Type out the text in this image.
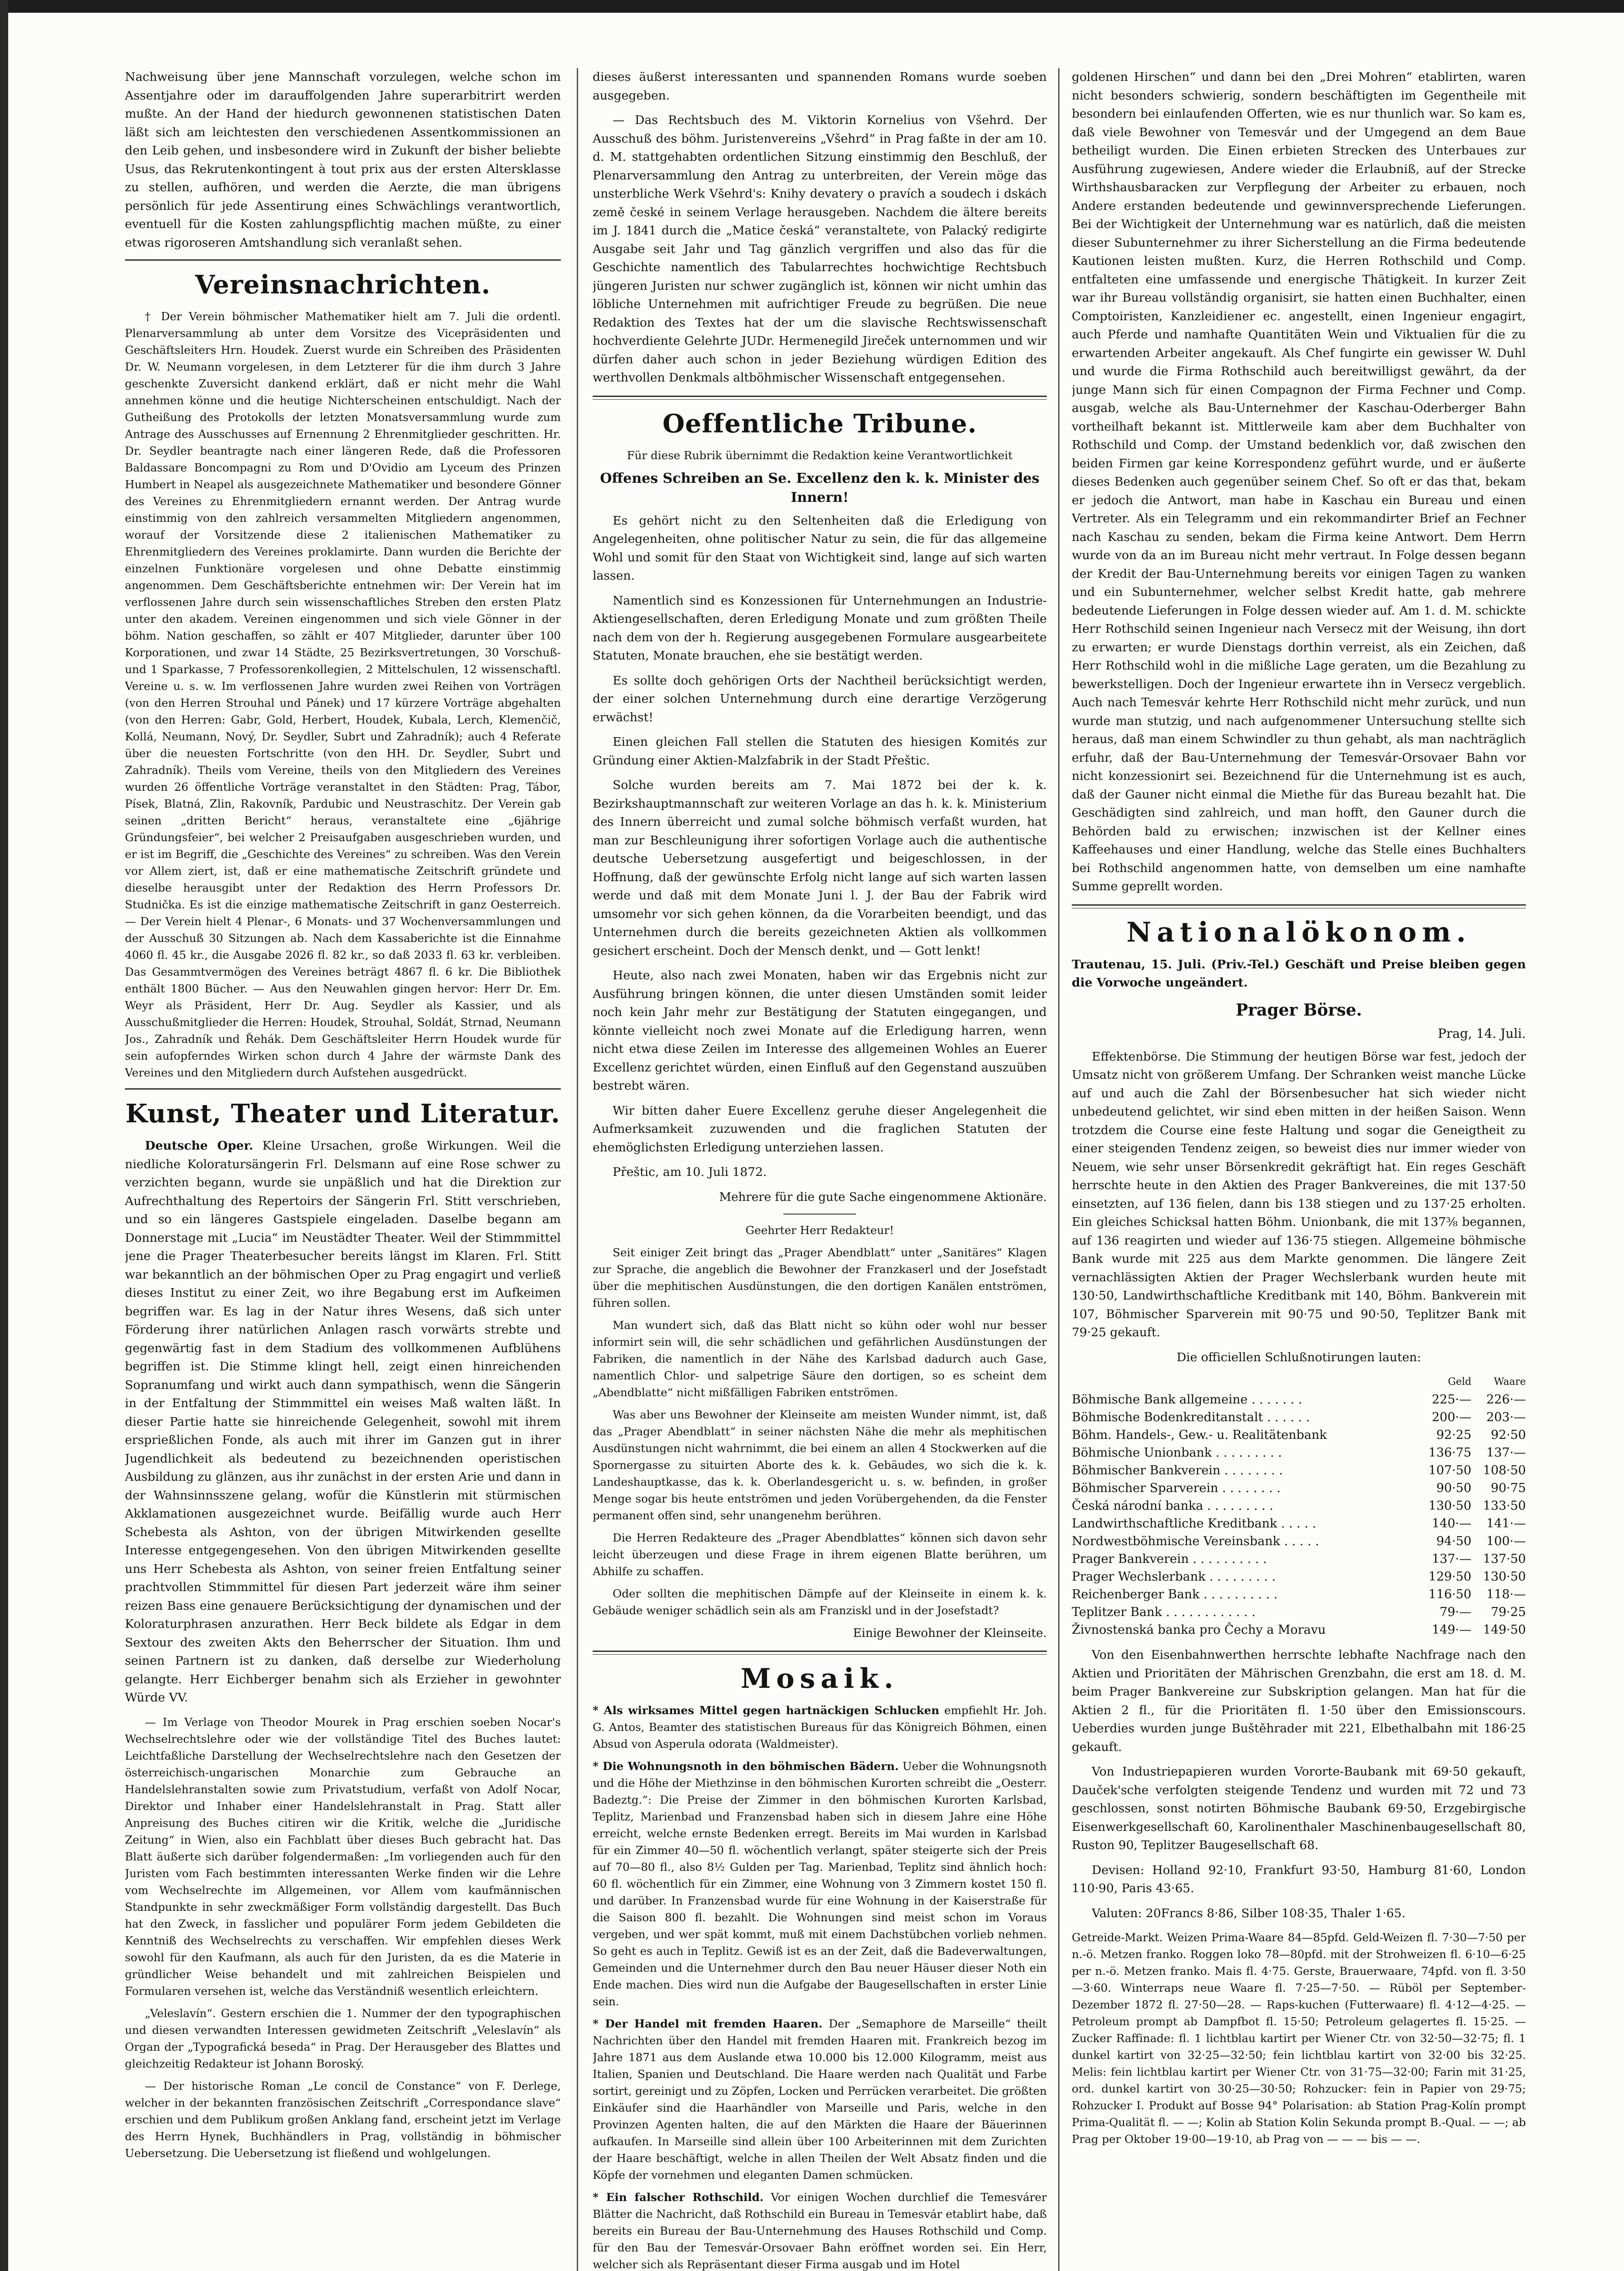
Nachweisung über jene Mannschaft vorzulegen, welche schon im Assentjahre oder im darauffolgenden Jahre superarbitrirt werden mußte. An der Hand der hiedurch gewonnenen statistischen Daten läßt sich am leichtesten den verschiedenen Assentkommissionen an den Leib gehen, und insbesondere wird in Zukunft der bisher beliebte Usus, das Rekrutenkontingent à tout prix aus der ersten Altersklasse zu stellen, aufhören, und werden die Aerzte, die man übrigens persönlich für jede Assentirung eines Schwächlings verantwortlich, eventuell für die Kosten zahlungspflichtig machen müßte, zu einer etwas rigoroseren Amtshandlung sich veranlaßt sehen.

Vereinsnachrichten.

† Der Verein böhmischer Mathematiker hielt am 7. Juli die ordentl. Plenarversammlung ab unter dem Vorsitze des Vicepräsidenten und Geschäftsleiters Hrn. Houdek. Zuerst wurde ein Schreiben des Präsidenten Dr. W. Neumann vorgelesen, in dem Letzterer für die ihm durch 3 Jahre geschenkte Zuversicht dankend erklärt, daß er nicht mehr die Wahl annehmen könne und die heutige Nichterscheinen entschuldigt. Nach der Gutheißung des Protokolls der letzten Monatsversammlung wurde zum Antrage des Ausschusses auf Ernennung 2 Ehrenmitglieder geschritten. Hr. Dr. Seydler beantragte nach einer längeren Rede, daß die Professoren Baldassare Boncompagni zu Rom und D'Ovidio am Lyceum des Prinzen Humbert in Neapel als ausgezeichnete Mathematiker und besondere Gönner des Vereines zu Ehrenmitgliedern ernannt werden. Der Antrag wurde einstimmig von den zahlreich versammelten Mitgliedern angenommen, worauf der Vorsitzende diese 2 italienischen Mathematiker zu Ehrenmitgliedern des Vereines proklamirte. Dann wurden die Berichte der einzelnen Funktionäre vorgelesen und ohne Debatte einstimmig angenommen. Dem Geschäftsberichte entnehmen wir: Der Verein hat im verflossenen Jahre durch sein wissenschaftliches Streben den ersten Platz unter den akadem. Vereinen eingenommen und sich viele Gönner in der böhm. Nation geschaffen, so zählt er 407 Mitglieder, darunter über 100 Korporationen, und zwar 14 Städte, 25 Bezirksvertretungen, 30 Vorschuß- und 1 Sparkasse, 7 Professorenkollegien, 2 Mittelschulen, 12 wissenschaftl. Vereine u. s. w. Im verflossenen Jahre wurden zwei Reihen von Vorträgen (von den Herren Strouhal und Pánek) und 17 kürzere Vorträge abgehalten (von den Herren: Gabr, Gold, Herbert, Houdek, Kubala, Lerch, Klemenčič, Kollá, Neumann, Nový, Dr. Seydler, Subrt und Zahradník); auch 4 Referate über die neuesten Fortschritte (von den HH. Dr. Seydler, Subrt und Zahradník). Theils vom Vereine, theils von den Mitgliedern des Vereines wurden 26 öffentliche Vorträge veranstaltet in den Städten: Prag, Tábor, Písek, Blatná, Zlin, Rakovník, Pardubic und Neustraschitz. Der Verein gab seinen „dritten Bericht“ heraus, veranstaltete eine „6jährige Gründungsfeier“, bei welcher 2 Preisaufgaben ausgeschrieben wurden, und er ist im Begriff, die „Geschichte des Vereines“ zu schreiben. Was den Verein vor Allem ziert, ist, daß er eine mathematische Zeitschrift gründete und dieselbe herausgibt unter der Redaktion des Herrn Professors Dr. Studnička. Es ist die einzige mathematische Zeitschrift in ganz Oesterreich. — Der Verein hielt 4 Plenar-, 6 Monats- und 37 Wochenversammlungen und der Ausschuß 30 Sitzungen ab. Nach dem Kassaberichte ist die Einnahme 4060 fl. 45 kr., die Ausgabe 2026 fl. 82 kr., so daß 2033 fl. 63 kr. verbleiben. Das Gesammtvermögen des Vereines beträgt 4867 fl. 6 kr. Die Bibliothek enthält 1800 Bücher. — Aus den Neuwahlen gingen hervor: Herr Dr. Em. Weyr als Präsident, Herr Dr. Aug. Seydler als Kassier, und als Ausschußmitglieder die Herren: Houdek, Strouhal, Soldát, Strnad, Neumann Jos., Zahradník und Řehák. Dem Geschäftsleiter Herrn Houdek wurde für sein aufopferndes Wirken schon durch 4 Jahre der wärmste Dank des Vereines und den Mitgliedern durch Aufstehen ausgedrückt.

Kunst, Theater und Literatur.

Deutsche Oper. Kleine Ursachen, große Wirkungen. Weil die niedliche Koloratursängerin Frl. Delsmann auf eine Rose schwer zu verzichten begann, wurde sie unpäßlich und hat die Direktion zur Aufrechthaltung des Repertoirs der Sängerin Frl. Stitt verschrieben, und so ein längeres Gastspiele eingeladen. Daselbe begann am Donnerstage mit „Lucia“ im Neustädter Theater. Weil der Stimmmittel jene die Prager Theaterbesucher bereits längst im Klaren. Frl. Stitt war bekanntlich an der böhmischen Oper zu Prag engagirt und verließ dieses Institut zu einer Zeit, wo ihre Begabung erst im Aufkeimen begriffen war. Es lag in der Natur ihres Wesens, daß sich unter Förderung ihrer natürlichen Anlagen rasch vorwärts strebte und gegenwärtig fast in dem Stadium des vollkommenen Aufblühens begriffen ist. Die Stimme klingt hell, zeigt einen hinreichenden Sopranumfang und wirkt auch dann sympathisch, wenn die Sängerin in der Entfaltung der Stimmmittel ein weises Maß walten läßt. In dieser Partie hatte sie hinreichende Gelegenheit, sowohl mit ihrem ersprießlichen Fonde, als auch mit ihrer im Ganzen gut in ihrer Jugendlichkeit als bedeutend zu bezeichnenden operistischen Ausbildung zu glänzen, aus ihr zunächst in der ersten Arie und dann in der Wahnsinnsszene gelang, wofür die Künstlerin mit stürmischen Akklamationen ausgezeichnet wurde. Beifällig wurde auch Herr Schebesta als Ashton, von der übrigen Mitwirkenden gesellte Interesse entgegengesehen. Von den übrigen Mitwirkenden gesellte uns Herr Schebesta als Ashton, von seiner freien Entfaltung seiner prachtvollen Stimmmittel für diesen Part jederzeit wäre ihm seiner reizen Bass eine genauere Berücksichtigung der dynamischen und der Koloraturphrasen anzurathen. Herr Beck bildete als Edgar in dem Sextour des zweiten Akts den Beherrscher der Situation. Ihm und seinen Partnern ist zu danken, daß derselbe zur Wiederholung gelangte. Herr Eichberger benahm sich als Erzieher in gewohnter Würde VV.

— Im Verlage von Theodor Mourek in Prag erschien soeben Nocar's Wechselrechtslehre oder wie der vollständige Titel des Buches lautet: Leichtfaßliche Darstellung der Wechselrechtslehre nach den Gesetzen der österreichisch-ungarischen Monarchie zum Gebrauche an Handelslehranstalten sowie zum Privatstudium, verfaßt von Adolf Nocar, Direktor und Inhaber einer Handelslehranstalt in Prag. Statt aller Anpreisung des Buches citiren wir die Kritik, welche die „Juridische Zeitung“ in Wien, also ein Fachblatt über dieses Buch gebracht hat. Das Blatt äußerte sich darüber folgendermaßen: „Im vorliegenden auch für den Juristen vom Fach bestimmten interessanten Werke finden wir die Lehre vom Wechselrechte im Allgemeinen, vor Allem vom kaufmännischen Standpunkte in sehr zweckmäßiger Form vollständig dargestellt. Das Buch hat den Zweck, in fasslicher und populärer Form jedem Gebildeten die Kenntniß des Wechselrechts zu verschaffen. Wir empfehlen dieses Werk sowohl für den Kaufmann, als auch für den Juristen, da es die Materie in gründlicher Weise behandelt und mit zahlreichen Beispielen und Formularen versehen ist, welche das Verständniß wesentlich erleichtern.

„Veleslavín“. Gestern erschien die 1. Nummer der den typographischen und diesen verwandten Interessen gewidmeten Zeitschrift „Veleslavín“ als Organ der „Typografická beseda“ in Prag. Der Herausgeber des Blattes und gleichzeitig Redakteur ist Johann Boroský.

— Der historische Roman „Le concil de Constance“ von F. Derlege, welcher in der bekannten französischen Zeitschrift „Correspondance slave“ erschien und dem Publikum großen Anklang fand, erscheint jetzt im Verlage des Herrn Hynek, Buchhändlers in Prag, vollständig in böhmischer Uebersetzung. Die Uebersetzung ist fließend und wohlgelungen.

dieses äußerst interessanten und spannenden Romans wurde soeben ausgegeben.

— Das Rechtsbuch des M. Viktorin Kornelius von Všehrd. Der Ausschuß des böhm. Juristenvereins „Všehrd“ in Prag faßte in der am 10. d. M. stattgehabten ordentlichen Sitzung einstimmig den Beschluß, der Plenarversammlung den Antrag zu unterbreiten, der Verein möge das unsterbliche Werk Všehrd's: Knihy devatery o pravích a soudech i dskách země české in seinem Verlage herausgeben. Nachdem die ältere bereits im J. 1841 durch die „Matice česká“ veranstaltete, von Palacký redigirte Ausgabe seit Jahr und Tag gänzlich vergriffen und also das für die Geschichte namentlich des Tabularrechtes hochwichtige Rechtsbuch jüngeren Juristen nur schwer zugänglich ist, können wir nicht umhin das löbliche Unternehmen mit aufrichtiger Freude zu begrüßen. Die neue Redaktion des Textes hat der um die slavische Rechtswissenschaft hochverdiente Gelehrte JUDr. Hermenegild Jireček unternommen und wir dürfen daher auch schon in jeder Beziehung würdigen Edition des werthvollen Denkmals altböhmischer Wissenschaft entgegensehen.

Oeffentliche Tribune.

Für diese Rubrik übernimmt die Redaktion keine Verantwortlichkeit

Offenes Schreiben an Se. Excellenz den k. k. Minister des Innern!

Es gehört nicht zu den Seltenheiten daß die Erledigung von Angelegenheiten, ohne politischer Natur zu sein, die für das allgemeine Wohl und somit für den Staat von Wichtigkeit sind, lange auf sich warten lassen.

Namentlich sind es Konzessionen für Unternehmungen an Industrie-Aktiengesellschaften, deren Erledigung Monate und zum größten Theile nach dem von der h. Regierung ausgegebenen Formulare ausgearbeitete Statuten, Monate brauchen, ehe sie bestätigt werden.

Es sollte doch gehörigen Orts der Nachtheil berücksichtigt werden, der einer solchen Unternehmung durch eine derartige Verzögerung erwächst!

Einen gleichen Fall stellen die Statuten des hiesigen Komités zur Gründung einer Aktien-Malzfabrik in der Stadt Přeštic.

Solche wurden bereits am 7. Mai 1872 bei der k. k. Bezirkshauptmannschaft zur weiteren Vorlage an das h. k. k. Ministerium des Innern überreicht und zumal solche böhmisch verfaßt wurden, hat man zur Beschleunigung ihrer sofortigen Vorlage auch die authentische deutsche Uebersetzung ausgefertigt und beigeschlossen, in der Hoffnung, daß der gewünschte Erfolg nicht lange auf sich warten lassen werde und daß mit dem Monate Juni l. J. der Bau der Fabrik wird umsomehr vor sich gehen können, da die Vorarbeiten beendigt, und das Unternehmen durch die bereits gezeichneten Aktien als vollkommen gesichert erscheint. Doch der Mensch denkt, und — Gott lenkt!

Heute, also nach zwei Monaten, haben wir das Ergebnis nicht zur Ausführung bringen können, die unter diesen Umständen somit leider noch kein Jahr mehr zur Bestätigung der Statuten eingegangen, und könnte vielleicht noch zwei Monate auf die Erledigung harren, wenn nicht etwa diese Zeilen im Interesse des allgemeinen Wohles an Euerer Excellenz gerichtet würden, einen Einfluß auf den Gegenstand auszuüben bestrebt wären.

Wir bitten daher Euere Excellenz geruhe dieser Angelegenheit die Aufmerksamkeit zuzuwenden und die fraglichen Statuten der ehemöglichsten Erledigung unterziehen lassen.

Přeštic, am 10. Juli 1872.

Mehrere für die gute Sache eingenommene Aktionäre.

Geehrter Herr Redakteur!

Seit einiger Zeit bringt das „Prager Abendblatt“ unter „Sanitäres“ Klagen zur Sprache, die angeblich die Bewohner der Franzkaserl und der Josefstadt über die mephitischen Ausdünstungen, die den dortigen Kanälen entströmen, führen sollen.

Man wundert sich, daß das Blatt nicht so kühn oder wohl nur besser informirt sein will, die sehr schädlichen und gefährlichen Ausdünstungen der Fabriken, die namentlich in der Nähe des Karlsbad dadurch auch Gase, namentlich Chlor- und salpetrige Säure den dortigen, so es scheint dem „Abendblatte“ nicht mißfälligen Fabriken entströmen.

Was aber uns Bewohner der Kleinseite am meisten Wunder nimmt, ist, daß das „Prager Abendblatt“ in seiner nächsten Nähe die mehr als mephitischen Ausdünstungen nicht wahrnimmt, die bei einem an allen 4 Stockwerken auf die Spornergasse zu situirten Aborte des k. k. Gebäudes, wo sich die k. k. Landeshauptkasse, das k. k. Oberlandesgericht u. s. w. befinden, in großer Menge sogar bis heute entströmen und jeden Vorübergehenden, da die Fenster permanent offen sind, sehr unangenehm berühren.

Die Herren Redakteure des „Prager Abendblattes“ können sich davon sehr leicht überzeugen und diese Frage in ihrem eigenen Blatte berühren, um Abhilfe zu schaffen.

Oder sollten die mephitischen Dämpfe auf der Kleinseite in einem k. k. Gebäude weniger schädlich sein als am Franziskl und in der Josefstadt?

Einige Bewohner der Kleinseite.

Mosaik.

* Als wirksames Mittel gegen hartnäckigen Schlucken empfiehlt Hr. Joh. G. Antos, Beamter des statistischen Bureaus für das Königreich Böhmen, einen Absud von Asperula odorata (Waldmeister).

* Die Wohnungsnoth in den böhmischen Bädern. Ueber die Wohnungsnoth und die Höhe der Miethzinse in den böhmischen Kurorten schreibt die „Oesterr. Badeztg.“: Die Preise der Zimmer in den böhmischen Kurorten Karlsbad, Teplitz, Marienbad und Franzensbad haben sich in diesem Jahre eine Höhe erreicht, welche ernste Bedenken erregt. Bereits im Mai wurden in Karlsbad für ein Zimmer 40—50 fl. wöchentlich verlangt, später steigerte sich der Preis auf 70—80 fl., also 8½ Gulden per Tag. Marienbad, Teplitz sind ähnlich hoch: 60 fl. wöchentlich für ein Zimmer, eine Wohnung von 3 Zimmern kostet 150 fl. und darüber. In Franzensbad wurde für eine Wohnung in der Kaiserstraße für die Saison 800 fl. bezahlt. Die Wohnungen sind meist schon im Voraus vergeben, und wer spät kommt, muß mit einem Dachstübchen vorlieb nehmen. So geht es auch in Teplitz. Gewiß ist es an der Zeit, daß die Badeverwaltungen, Gemeinden und die Unternehmer durch den Bau neuer Häuser dieser Noth ein Ende machen. Dies wird nun die Aufgabe der Baugesellschaften in erster Linie sein.

* Der Handel mit fremden Haaren. Der „Semaphore de Marseille“ theilt Nachrichten über den Handel mit fremden Haaren mit. Frankreich bezog im Jahre 1871 aus dem Auslande etwa 10.000 bis 12.000 Kilogramm, meist aus Italien, Spanien und Deutschland. Die Haare werden nach Qualität und Farbe sortirt, gereinigt und zu Zöpfen, Locken und Perrücken verarbeitet. Die größten Einkäufer sind die Haarhändler von Marseille und Paris, welche in den Provinzen Agenten halten, die auf den Märkten die Haare der Bäuerinnen aufkaufen. In Marseille sind allein über 100 Arbeiterinnen mit dem Zurichten der Haare beschäftigt, welche in allen Theilen der Welt Absatz finden und die Köpfe der vornehmen und eleganten Damen schmücken.

* Ein falscher Rothschild. Vor einigen Wochen durchlief die Temesvárer Blätter die Nachricht, daß Rothschild ein Bureau in Temesvár etablirt habe, daß bereits ein Bureau der Bau-Unternehmung des Hauses Rothschild und Comp. für den Bau der Temesvár-Orsovaer Bahn eröffnet worden sei. Ein Herr, welcher sich als Repräsentant dieser Firma ausgab und im Hotel

goldenen Hirschen“ und dann bei den „Drei Mohren“ etablirten, waren nicht besonders schwierig, sondern beschäftigten im Gegentheile mit besondern bei einlaufenden Offerten, wie es nur thunlich war. So kam es, daß viele Bewohner von Temesvár und der Umgegend an dem Baue betheiligt wurden. Die Einen erbieten Strecken des Unterbaues zur Ausführung zugewiesen, Andere wieder die Erlaubniß, auf der Strecke Wirthshausbaracken zur Verpflegung der Arbeiter zu erbauen, noch Andere erstanden bedeutende und gewinnversprechende Lieferungen. Bei der Wichtigkeit der Unternehmung war es natürlich, daß die meisten dieser Subunternehmer zu ihrer Sicherstellung an die Firma bedeutende Kautionen leisten mußten. Kurz, die Herren Rothschild und Comp. entfalteten eine umfassende und energische Thätigkeit. In kurzer Zeit war ihr Bureau vollständig organisirt, sie hatten einen Buchhalter, einen Comptoiristen, Kanzleidiener ec. angestellt, einen Ingenieur engagirt, auch Pferde und namhafte Quantitäten Wein und Viktualien für die zu erwartenden Arbeiter angekauft. Als Chef fungirte ein gewisser W. Duhl und wurde die Firma Rothschild auch bereitwilligst gewährt, da der junge Mann sich für einen Compagnon der Firma Fechner und Comp. ausgab, welche als Bau-Unternehmer der Kaschau-Oderberger Bahn vortheilhaft bekannt ist. Mittlerweile kam aber dem Buchhalter von Rothschild und Comp. der Umstand bedenklich vor, daß zwischen den beiden Firmen gar keine Korrespondenz geführt wurde, und er äußerte dieses Bedenken auch gegenüber seinem Chef. So oft er das that, bekam er jedoch die Antwort, man habe in Kaschau ein Bureau und einen Vertreter. Als ein Telegramm und ein rekommandirter Brief an Fechner nach Kaschau zu senden, bekam die Firma keine Antwort. Dem Herrn wurde von da an im Bureau nicht mehr vertraut. In Folge dessen begann der Kredit der Bau-Unternehmung bereits vor einigen Tagen zu wanken und ein Subunternehmer, welcher selbst Kredit hatte, gab mehrere bedeutende Lieferungen in Folge dessen wieder auf. Am 1. d. M. schickte Herr Rothschild seinen Ingenieur nach Versecz mit der Weisung, ihn dort zu erwarten; er wurde Dienstags dorthin verreist, als ein Zeichen, daß Herr Rothschild wohl in die mißliche Lage geraten, um die Bezahlung zu bewerkstelligen. Doch der Ingenieur erwartete ihn in Versecz vergeblich. Auch nach Temesvár kehrte Herr Rothschild nicht mehr zurück, und nun wurde man stutzig, und nach aufgenommener Untersuchung stellte sich heraus, daß man einem Schwindler zu thun gehabt, als man nachträglich erfuhr, daß der Bau-Unternehmung der Temesvár-Orsovaer Bahn vor nicht konzessionirt sei. Bezeichnend für die Unternehmung ist es auch, daß der Gauner nicht einmal die Miethe für das Bureau bezahlt hat. Die Geschädigten sind zahlreich, und man hofft, den Gauner durch die Behörden bald zu erwischen; inzwischen ist der Kellner eines Kaffeehauses und einer Handlung, welche das Stelle eines Buchhalters bei Rothschild angenommen hatte, von demselben um eine namhafte Summe geprellt worden.

Nationalökonom.

Trautenau, 15. Juli. (Priv.-Tel.) Geschäft und Preise bleiben gegen die Vorwoche ungeändert.

Prager Börse.
Prag, 14. Juli.

Effektenbörse. Die Stimmung der heutigen Börse war fest, jedoch der Umsatz nicht von größerem Umfang. Der Schranken weist manche Lücke auf und auch die Zahl der Börsenbesucher hat sich wieder nicht unbedeutend gelichtet, wir sind eben mitten in der heißen Saison. Wenn trotzdem die Course eine feste Haltung und sogar die Geneigtheit zu einer steigenden Tendenz zeigen, so beweist dies nur immer wieder von Neuem, wie sehr unser Börsenkredit gekräftigt hat. Ein reges Geschäft herrschte heute in den Aktien des Prager Bankvereines, die mit 137·50 einsetzten, auf 136 fielen, dann bis 138 stiegen und zu 137·25 erholten. Ein gleiches Schicksal hatten Böhm. Unionbank, die mit 137⅜ begannen, auf 136 reagirten und wieder auf 136·75 stiegen. Allgemeine böhmische Bank wurde mit 225 aus dem Markte genommen. Die längere Zeit vernachlässigten Aktien der Prager Wechslerbank wurden heute mit 130·50, Landwirthschaftliche Kreditbank mit 140, Böhm. Bankverein mit 107, Böhmischer Sparverein mit 90·75 und 90·50, Teplitzer Bank mit 79·25 gekauft.

Die officiellen Schlußnotirungen lauten:

	Geld	Waare
Böhmische Bank allgemeine . . . . . . .	225·—	226·—
Böhmische Bodenkreditanstalt . . . . . .	200·—	203·—
Böhm. Handels-, Gew.- u. Realitätenbank	92·25	92·50
Böhmische Unionbank . . . . . . . . .	136·75	137·—
Böhmischer Bankverein . . . . . . . .	107·50	108·50
Böhmischer Sparverein . . . . . . . .	90·50	90·75
Česká národní banka . . . . . . . . .	130·50	133·50
Landwirthschaftliche Kreditbank . . . . .	140·—	141·—
Nordwestböhmische Vereinsbank . . . . .	94·50	100·—
Prager Bankverein . . . . . . . . . .	137·—	137·50
Prager Wechslerbank . . . . . . . . .	129·50	130·50
Reichenberger Bank . . . . . . . . . .	116·50	118·—
Teplitzer Bank . . . . . . . . . . . .	79·—	79·25
Živnostenská banka pro Čechy a Moravu	149·—	149·50

Von den Eisenbahnwerthen herrschte lebhafte Nachfrage nach den Aktien und Prioritäten der Mährischen Grenzbahn, die erst am 18. d. M. beim Prager Bankvereine zur Subskription gelangen. Man hat für die Aktien 2 fl., für die Prioritäten fl. 1·50 über den Emissionscours. Ueberdies wurden junge Buštěhrader mit 221, Elbethalbahn mit 186·25 gekauft.

Von Industriepapieren wurden Vororte-Baubank mit 69·50 gekauft, Dauček'sche verfolgten steigende Tendenz und wurden mit 72 und 73 geschlossen, sonst notirten Böhmische Baubank 69·50, Erzgebirgische Eisenwerkgesellschaft 60, Karolinenthaler Maschinenbaugesellschaft 80, Ruston 90, Teplitzer Baugesellschaft 68.

Devisen: Holland 92·10, Frankfurt 93·50, Hamburg 81·60, London 110·90, Paris 43·65.

Valuten: 20Francs 8·86, Silber 108·35, Thaler 1·65.

Getreide-Markt. Weizen Prima-Waare 84—85pfd. Geld-Weizen fl. 7·30—7·50 per n.-ö. Metzen franko. Roggen loko 78—80pfd. mit der Strohweizen fl. 6·10—6·25 per n.-ö. Metzen franko. Mais fl. 4·75. Gerste, Brauerwaare, 74pfd. von fl. 3·50—3·60. Winterraps neue Waare fl. 7·25—7·50. — Rüböl per September-Dezember 1872 fl. 27·50—28. — Raps-kuchen (Futterwaare) fl. 4·12—4·25. — Petroleum prompt ab Dampfbot fl. 15·50; Petroleum gelagertes fl. 15·25. — Zucker Raffinade: fl. 1 lichtblau kartirt per Wiener Ctr. von 32·50—32·75; fl. 1 dunkel kartirt von 32·25—32·50; fein lichtblau kartirt von 32·00 bis 32·25. Melis: fein lichtblau kartirt per Wiener Ctr. von 31·75—32·00; Farin mit 31·25, ord. dunkel kartirt von 30·25—30·50; Rohzucker: fein in Papier von 29·75; Rohzucker I. Produkt auf Bosse 94° Polarisation: ab Station Prag-Kolín prompt Prima-Qualität fl. — —; Kolin ab Station Kolin Sekunda prompt B.-Qual. — —; ab Prag per Oktober 19·00—19·10, ab Prag von — — — bis — —.
